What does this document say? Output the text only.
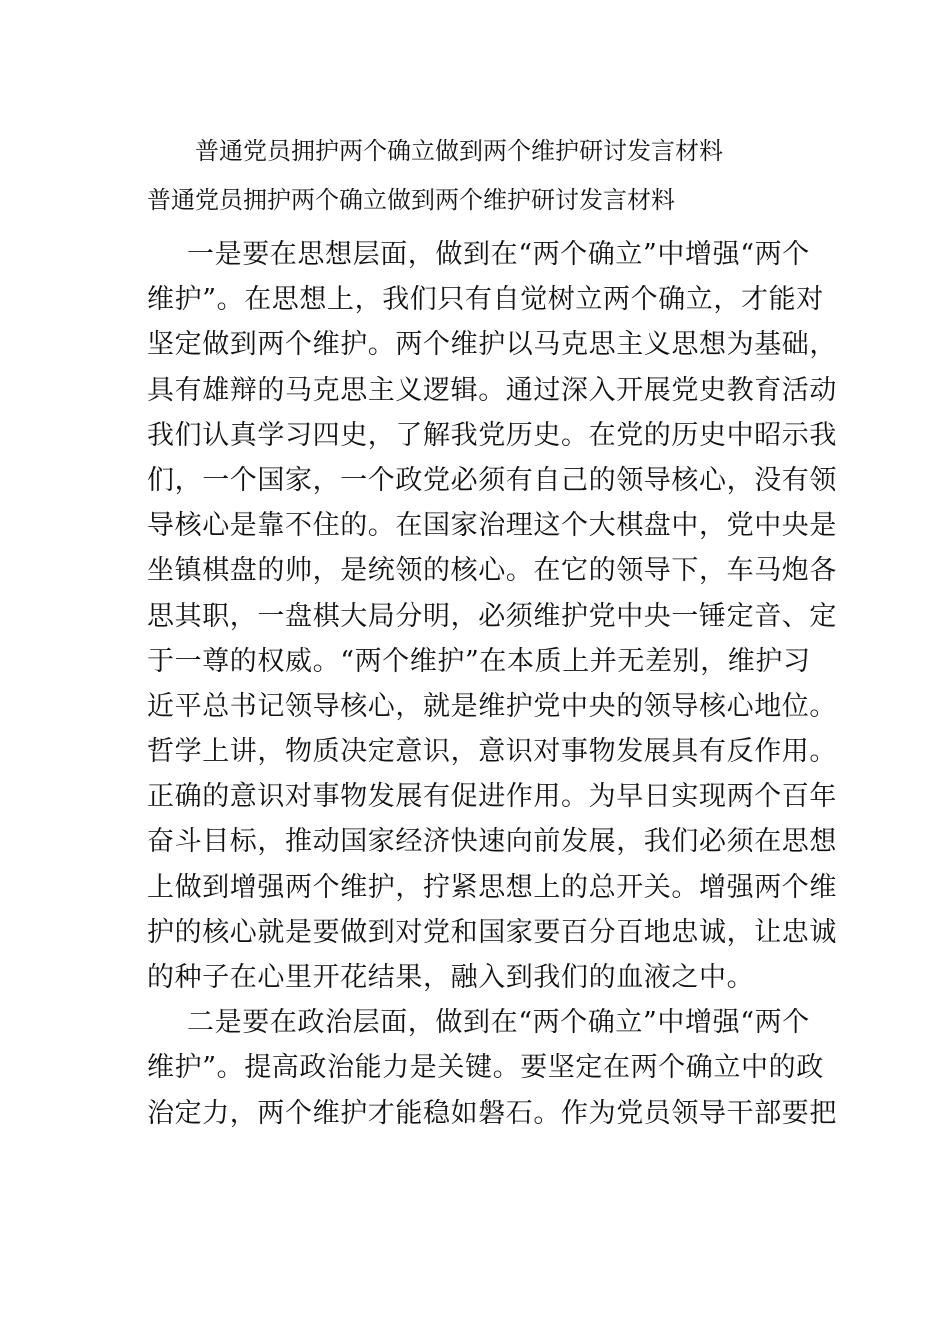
普通党员拥护两个确立做到两个维护研讨发言材料
普通党员拥护两个确立做到两个维护研讨发言材料
一是要在思想层面，做到在“两个确立”中增强“两个
维护”。在思想上，我们只有自觉树立两个确立，才能对
坚定做到两个维护。两个维护以马克思主义思想为基础，
具有雄辩的马克思主义逻辑。通过深入开展党史教育活动
我们认真学习四史，了解我党历史。在党的历史中昭示我
们，一个国家，一个政党必须有自己的领导核心，没有领
导核心是靠不住的。在国家治理这个大棋盘中，党中央是
坐镇棋盘的帅，是统领的核心。在它的领导下，车马炮各
思其职，一盘棋大局分明，必须维护党中央一锤定音、定
于一尊的权威。“两个维护”在本质上并无差别，维护习
近平总书记领导核心，就是维护党中央的领导核心地位。
哲学上讲，物质决定意识，意识对事物发展具有反作用。
正确的意识对事物发展有促进作用。为早日实现两个百年
奋斗目标，推动国家经济快速向前发展，我们必须在思想
上做到增强两个维护，拧紧思想上的总开关。增强两个维
护的核心就是要做到对党和国家要百分百地忠诚，让忠诚
的种子在心里开花结果，融入到我们的血液之中。
二是要在政治层面，做到在“两个确立”中增强“两个
维护”。提高政治能力是关键。要坚定在两个确立中的政
治定力，两个维护才能稳如磐石。作为党员领导干部要把
